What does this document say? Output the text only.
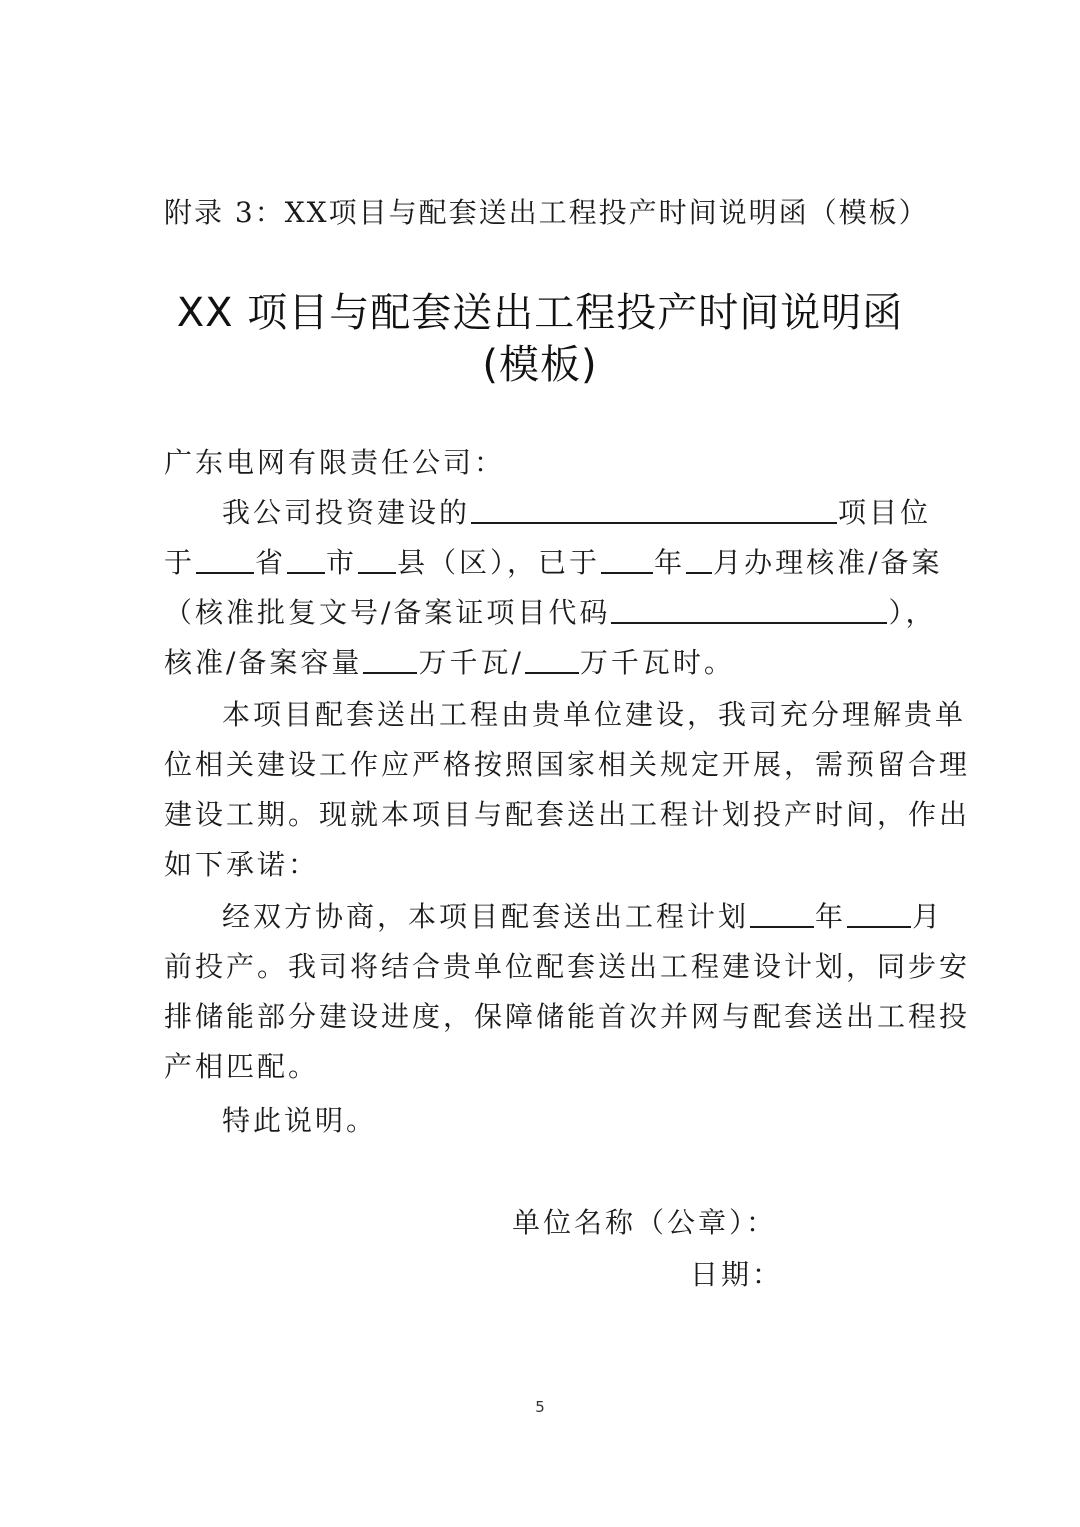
附录 3：XX项目与配套送出工程投产时间说明函（模板）
XX 项目与配套送出工程投产时间说明函
(模板)
广东电网有限责任公司：
我公司投资建设的	项目位
于 省 市 县（区），已于 年 月办理核准/备案
（核准批复文号/备案证项目代码	），
核准/备案容量 万千瓦/ 万千瓦时。
本项目配套送出工程由贵单位建设，我司充分理解贵单
位相关建设工作应严格按照国家相关规定开展，需预留合理
建设工期。现就本项目与配套送出工程计划投产时间，作出
如下承诺：
经双方协商，本项目配套送出工程计划 年 月
前投产。我司将结合贵单位配套送出工程建设计划，同步安
排储能部分建设进度，保障储能首次并网与配套送出工程投
产相匹配。
特此说明。
单位名称（公章）：
日期：
5
